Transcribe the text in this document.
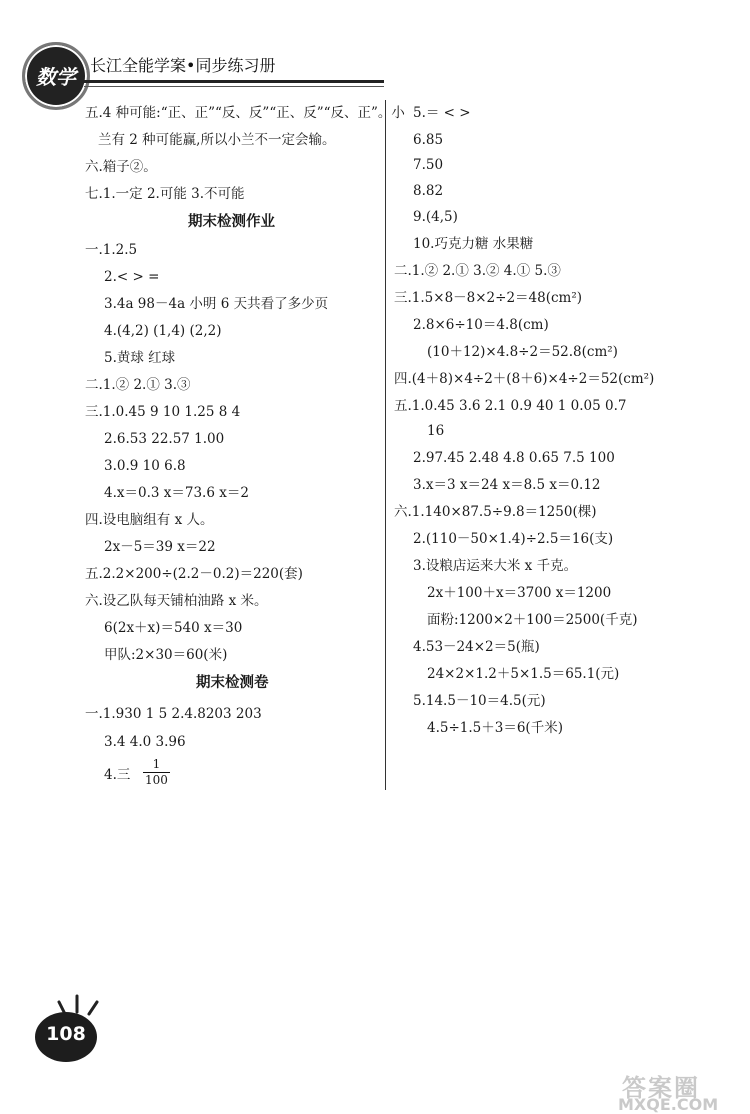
数学 长江全能学案•同步练习册
五.4 种可能:“正、正”“反、反”“正、反”“反、正”。小
兰有 2 种可能赢,所以小兰不一定会输。
六.箱子②。
七.1.一定 2.可能 3.不可能
期末检测作业
一.1.2.5
2.< > =
3.4a 98－4a 小明 6 天共看了多少页
4.(4,2) (1,4) (2,2)
5.黄球 红球
二.1.② 2.① 3.③
三.1.0.45 9 10 1.25 8 4
2.6.53 22.57 1.00
3.0.9 10 6.8
4.x＝0.3 x＝73.6 x＝2
四.设电脑组有 x 人。
2x－5＝39 x＝22
五.2.2×200÷(2.2－0.2)＝220(套)
六.设乙队每天铺柏油路 x 米。
6(2x＋x)＝540 x＝30
甲队:2×30＝60(米)
期末检测卷
一.1.930 1 5 2.4.8203 203
3.4 4.0 3.96
4.三 $\frac{1}{100}$
5.＝ < >
6.85
7.50
8.82
9.(4,5)
10.巧克力糖 水果糖
二.1.② 2.① 3.② 4.① 5.③
三.1.5×8－8×2÷2＝48(cm²)
2.8×6÷10＝4.8(cm)
(10＋12)×4.8÷2＝52.8(cm²)
四.(4＋8)×4÷2＋(8＋6)×4÷2＝52(cm²)
五.1.0.45 3.6 2.1 0.9 40 1 0.05 0.7
16
2.97.45 2.48 4.8 0.65 7.5 100
3.x＝3 x＝24 x＝8.5 x＝0.12
六.1.140×87.5÷9.8＝1250(棵)
2.(110－50×1.4)÷2.5＝16(支)
3.设粮店运来大米 x 千克。
2x＋100＋x＝3700 x＝1200
面粉:1200×2＋100＝2500(千克)
4.53－24×2＝5(瓶)
24×2×1.2＋5×1.5＝65.1(元)
5.14.5－10＝4.5(元)
4.5÷1.5＋3＝6(千米)
108
答案圈
MXQE.COM
